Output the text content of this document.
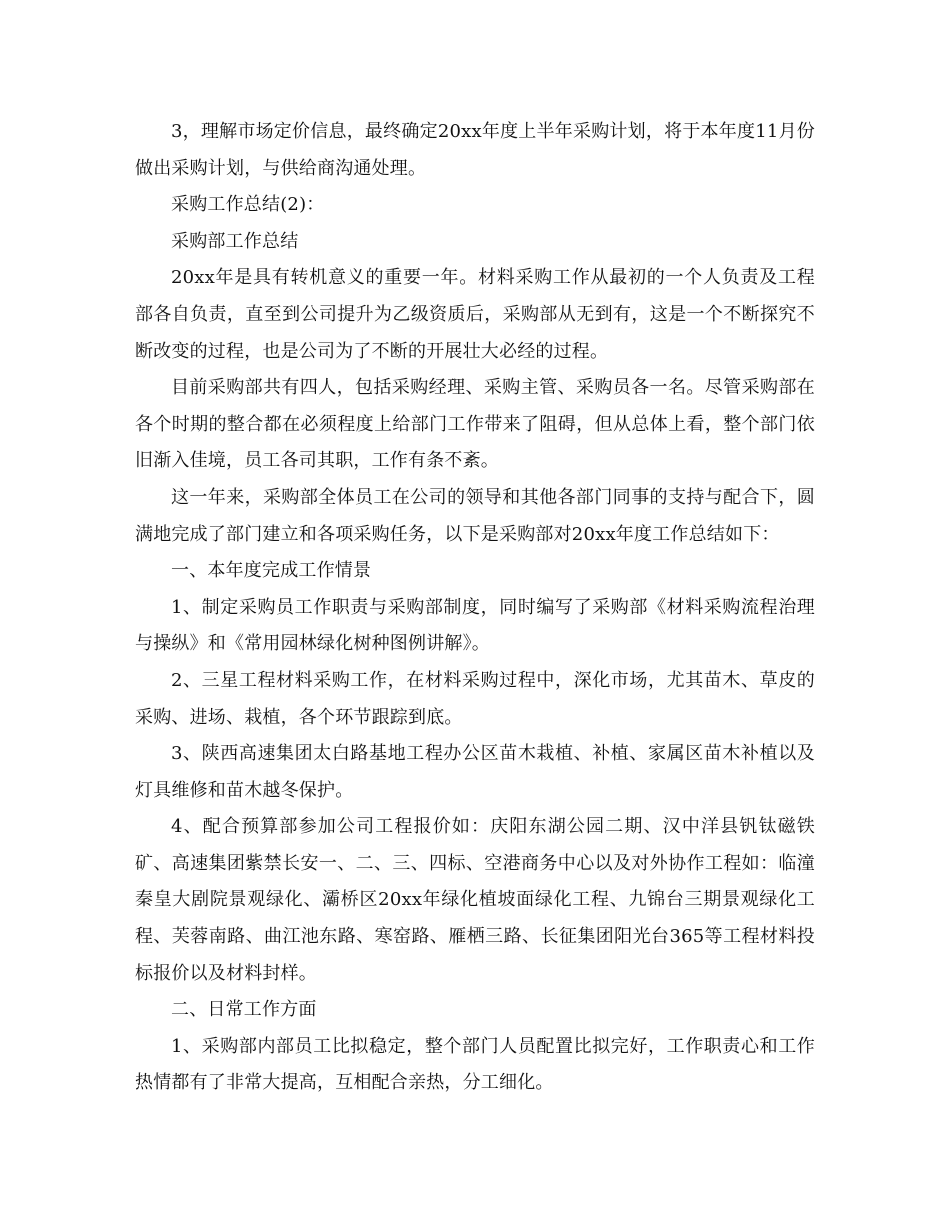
3，理解市场定价信息，最终确定20xx年度上半年采购计划，将于本年度11月份做出采购计划，与供给商沟通处理。

采购工作总结(2)：

采购部工作总结

20xx年是具有转机意义的重要一年。材料采购工作从最初的一个人负责及工程部各自负责，直至到公司提升为乙级资质后，采购部从无到有，这是一个不断探究不断改变的过程，也是公司为了不断的开展壮大必经的过程。

目前采购部共有四人，包括采购经理、采购主管、采购员各一名。尽管采购部在各个时期的整合都在必须程度上给部门工作带来了阻碍，但从总体上看，整个部门依旧渐入佳境，员工各司其职，工作有条不紊。

这一年来，采购部全体员工在公司的领导和其他各部门同事的支持与配合下，圆满地完成了部门建立和各项采购任务，以下是采购部对20xx年度工作总结如下：

一、本年度完成工作情景

1、制定采购员工作职责与采购部制度，同时编写了采购部《材料采购流程治理与操纵》和《常用园林绿化树种图例讲解》。

2、三星工程材料采购工作，在材料采购过程中，深化市场，尤其苗木、草皮的采购、进场、栽植，各个环节跟踪到底。

3、陕西高速集团太白路基地工程办公区苗木栽植、补植、家属区苗木补植以及灯具维修和苗木越冬保护。

4、配合预算部参加公司工程报价如：庆阳东湖公园二期、汉中洋县钒钛磁铁矿、高速集团紫禁长安一、二、三、四标、空港商务中心以及对外协作工程如：临潼秦皇大剧院景观绿化、灞桥区20xx年绿化植坡面绿化工程、九锦台三期景观绿化工程、芙蓉南路、曲江池东路、寒窑路、雁栖三路、长征集团阳光台365等工程材料投标报价以及材料封样。

二、日常工作方面

1、采购部内部员工比拟稳定，整个部门人员配置比拟完好，工作职责心和工作热情都有了非常大提高，互相配合亲热，分工细化。
